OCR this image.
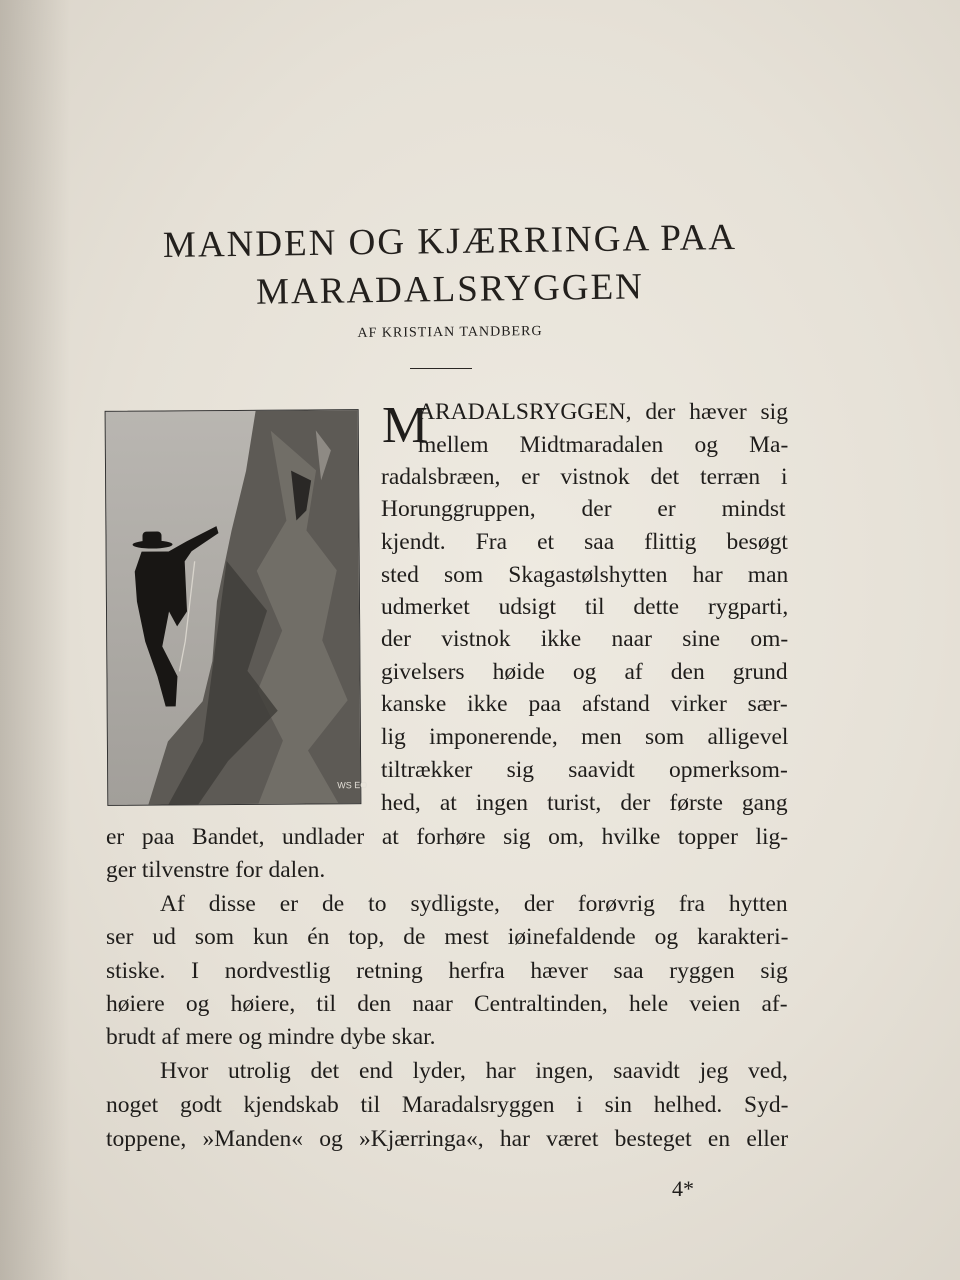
MANDEN OG KJÆRRINGA PAA
MARADALSRYGGEN

AF KRISTIAN TANDBERG

WS EO

M

ARADALSRYGGEN, der hæver sig

mellem Midtmaradalen og Ma-

radalsbræen, er vistnok det terræn i

Horunggruppen, der er mindst

kjendt. Fra et saa flittig besøgt

sted som Skagastølshytten har man

udmerket udsigt til dette rygparti,

der vistnok ikke naar sine om-

givelsers høide og af den grund

kanske ikke paa afstand virker sær-

lig imponerende, men som alligevel

tiltrækker sig saavidt opmerksom-

hed, at ingen turist, der første gang

er paa Bandet, undlader at forhøre sig om, hvilke topper lig-

ger tilvenstre for dalen.

Af disse er de to sydligste, der forøvrig fra hytten

ser ud som kun én top, de mest iøinefaldende og karakteri-

stiske. I nordvestlig retning herfra hæver saa ryggen sig

høiere og høiere, til den naar Centraltinden, hele veien af-

brudt af mere og mindre dybe skar.

Hvor utrolig det end lyder, har ingen, saavidt jeg ved,

noget godt kjendskab til Maradalsryggen i sin helhed. Syd-

toppene, »Manden« og »Kjærringa«, har været besteget en eller

4*
